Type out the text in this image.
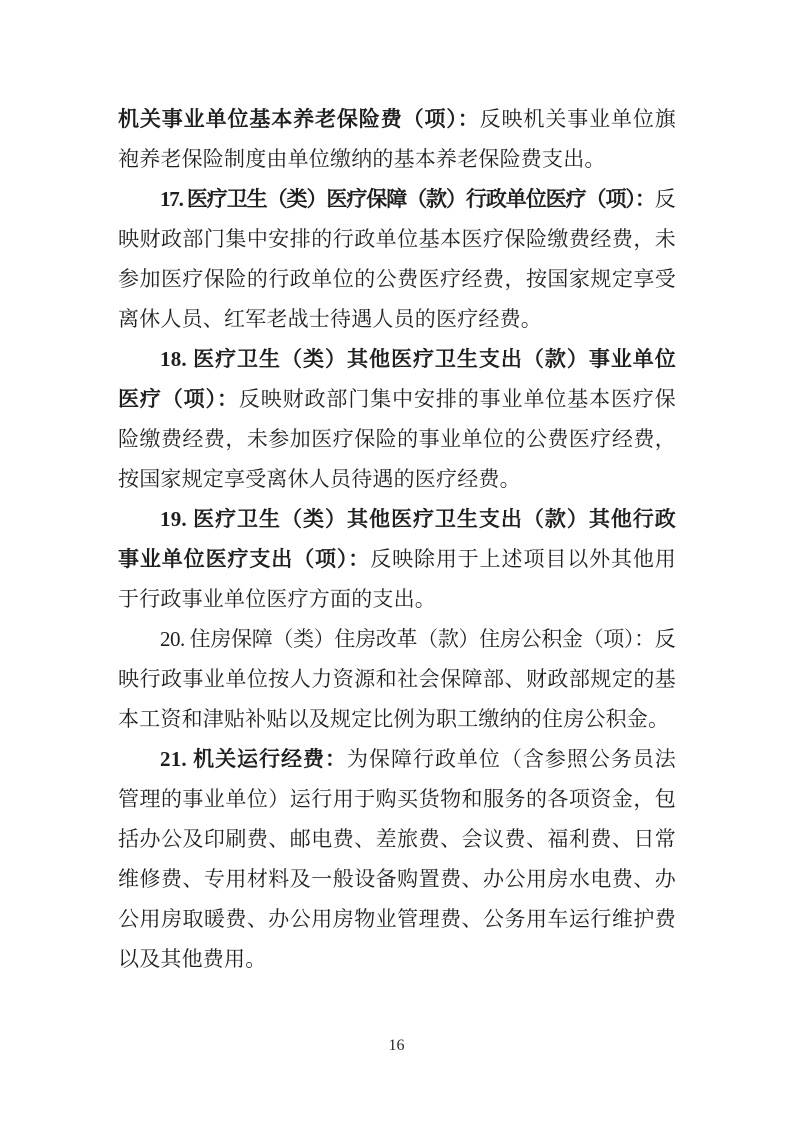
机关事业单位基本养老保险费（项）：反映机关事业单位旗袍养老保险制度由单位缴纳的基本养老保险费支出。

17. 医疗卫生（类）医疗保障（款）行政单位医疗（项）：反映财政部门集中安排的行政单位基本医疗保险缴费经费，未参加医疗保险的行政单位的公费医疗经费，按国家规定享受离休人员、红军老战士待遇人员的医疗经费。

18. 医疗卫生（类）其他医疗卫生支出（款）事业单位医疗（项）：反映财政部门集中安排的事业单位基本医疗保险缴费经费，未参加医疗保险的事业单位的公费医疗经费，按国家规定享受离休人员待遇的医疗经费。

19. 医疗卫生（类）其他医疗卫生支出（款）其他行政事业单位医疗支出（项）：反映除用于上述项目以外其他用于行政事业单位医疗方面的支出。

20. 住房保障（类）住房改革（款）住房公积金（项）：反映行政事业单位按人力资源和社会保障部、财政部规定的基本工资和津贴补贴以及规定比例为职工缴纳的住房公积金。

21. 机关运行经费：为保障行政单位（含参照公务员法管理的事业单位）运行用于购买货物和服务的各项资金，包括办公及印刷费、邮电费、差旅费、会议费、福利费、日常维修费、专用材料及一般设备购置费、办公用房水电费、办公用房取暖费、办公用房物业管理费、公务用车运行维护费以及其他费用。

16
